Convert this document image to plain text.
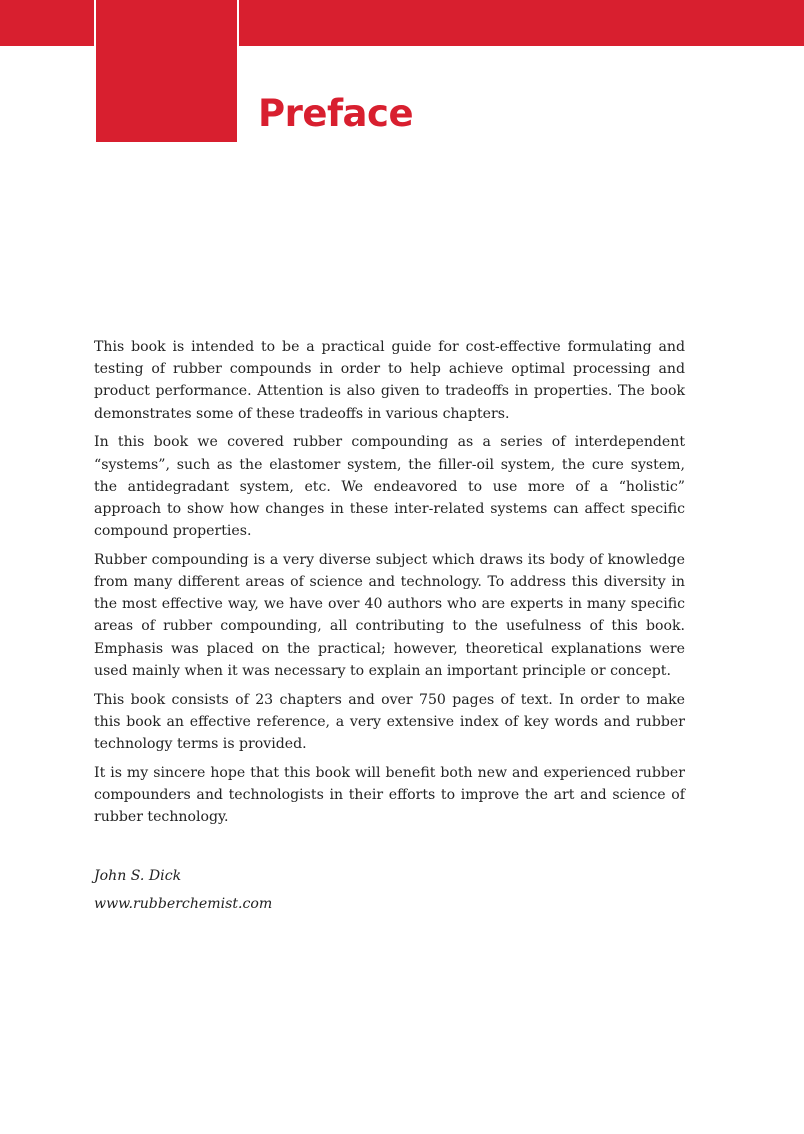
Preface

This book is intended to be a practical guide for cost-effective formulating and testing of rubber compounds in order to help achieve optimal processing and product performance. Attention is also given to tradeoffs in properties. The book demonstrates some of these tradeoffs in various chapters.

In this book we covered rubber compounding as a series of interdependent “systems”, such as the elastomer system, the filler-oil system, the cure system, the antidegradant system, etc. We endeavored to use more of a “holistic” approach to show how changes in these inter-related systems can affect specific compound properties.

Rubber compounding is a very diverse subject which draws its body of knowledge from many different areas of science and technology. To address this diversity in the most effective way, we have over 40 authors who are experts in many specific areas of rubber compounding, all contributing to the usefulness of this book. Emphasis was placed on the practical; however, theoretical explanations were used mainly when it was necessary to explain an important principle or concept.

This book consists of 23 chapters and over 750 pages of text. In order to make this book an effective reference, a very extensive index of key words and rubber technology terms is provided.

It is my sincere hope that this book will benefit both new and experienced rubber compounders and technologists in their efforts to improve the art and science of rubber technology.

John S. Dick
www.rubberchemist.com
